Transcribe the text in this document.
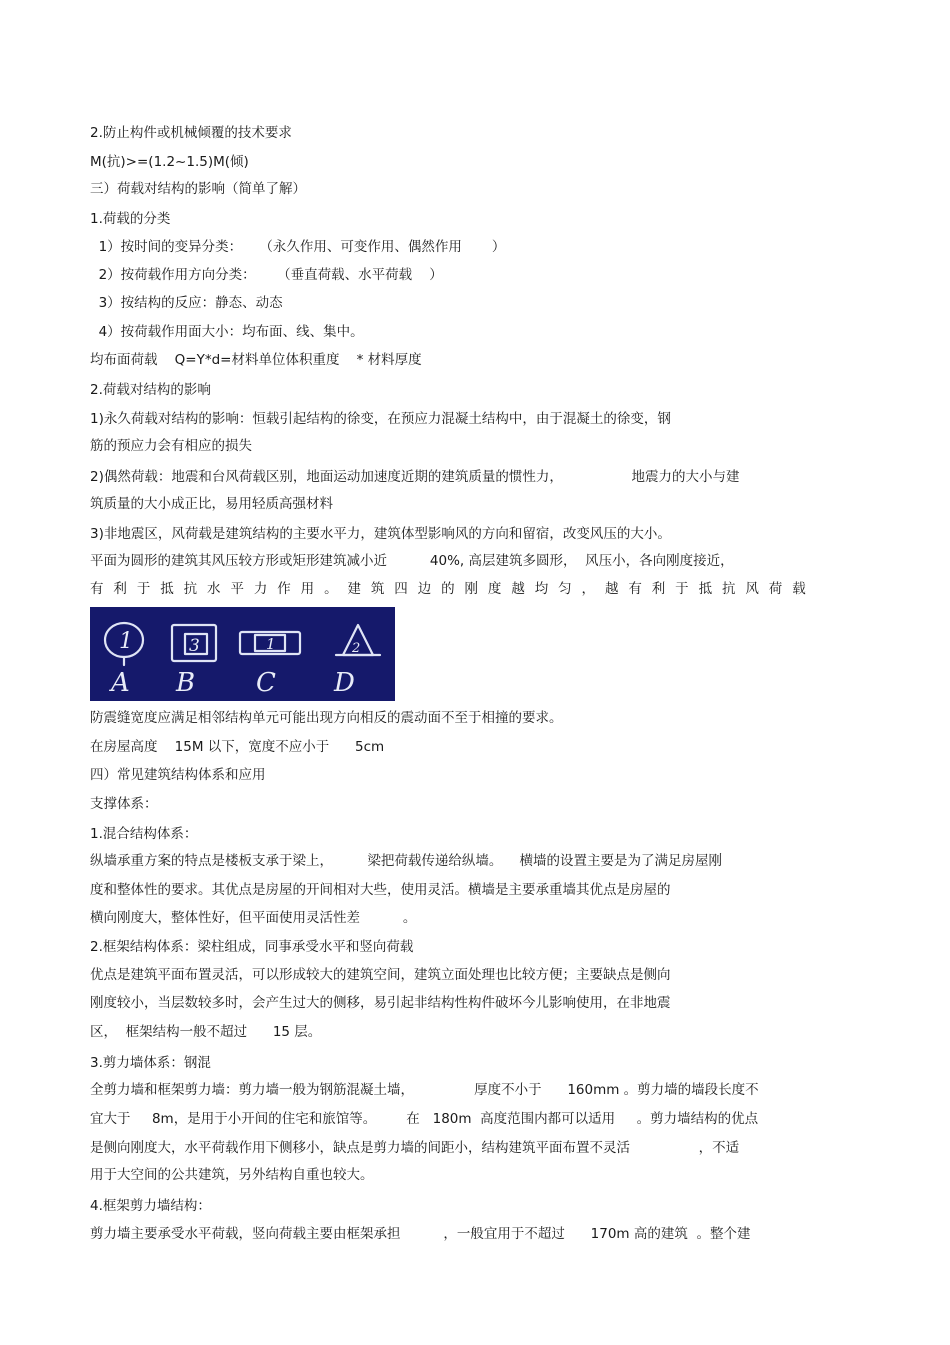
2.防止构件或机械倾覆的技术要求
M(抗)>=(1.2~1.5)M(倾)
三）荷载对结构的影响（简单了解）
1.荷载的分类
1）按时间的变异分类：    （永久作用、可变作用、偶然作用       ）
2）按荷载作用方向分类：     （垂直荷载、水平荷载    ）
3）按结构的反应：静态、动态
4）按荷载作用面大小：均布面、线、集中。
均布面荷载    Q=Y*d=材料单位体积重度    * 材料厚度
2.荷载对结构的影响
1)永久荷载对结构的影响：恒载引起结构的徐变，在预应力混凝土结构中，由于混凝土的徐变，钢
筋的预应力会有相应的损失
2)偶然荷载：地震和台风荷载区别，地面运动加速度近期的建筑质量的惯性力，                地震力的大小与建
筑质量的大小成正比，易用轻质高强材料
3)非地震区，风荷载是建筑结构的主要水平力，建筑体型影响风的方向和留宿，改变风压的大小。
平面为圆形的建筑其风压较方形或矩形建筑减小近          40%, 高层建筑多圆形，  风压小，各向刚度接近，
有 利 于 抵 抗 水 平 力 作 用 。 建 筑 四 边 的 刚 度 越 均 匀 ， 越 有 利 于 抵 抗 风 荷 载
1
A
3
B
1
C
2
D
防震缝宽度应满足相邻结构单元可能出现方向相反的震动面不至于相撞的要求。
在房屋高度    15M 以下，宽度不应小于      5cm
四）常见建筑结构体系和应用
支撑体系：
1.混合结构体系：
纵墙承重方案的特点是楼板支承于梁上，        梁把荷载传递给纵墙。    横墙的设置主要是为了满足房屋刚
度和整体性的要求。其优点是房屋的开间相对大些，使用灵活。横墙是主要承重墙其优点是房屋的
横向刚度大，整体性好，但平面使用灵活性差          。
2.框架结构体系：梁柱组成，同事承受水平和竖向荷载
优点是建筑平面布置灵活，可以形成较大的建筑空间，建筑立面处理也比较方便；主要缺点是侧向
刚度较小，当层数较多时，会产生过大的侧移，易引起非结构性构件破坏今儿影响使用，在非地震
区，  框架结构一般不超过      15 层。
3.剪力墙体系：钢混
全剪力墙和框架剪力墙：剪力墙一般为钢筋混凝土墙，              厚度不小于      160mm 。剪力墙的墙段长度不
宜大于     8m，是用于小开间的住宅和旅馆等。       在   180m  高度范围内都可以适用     。剪力墙结构的优点
是侧向刚度大，水平荷载作用下侧移小，缺点是剪力墙的间距小，结构建筑平面布置不灵活                ，不适
用于大空间的公共建筑，另外结构自重也较大。
4.框架剪力墙结构：
剪力墙主要承受水平荷载，竖向荷载主要由框架承担          ，一般宜用于不超过      170m 高的建筑  。整个建
